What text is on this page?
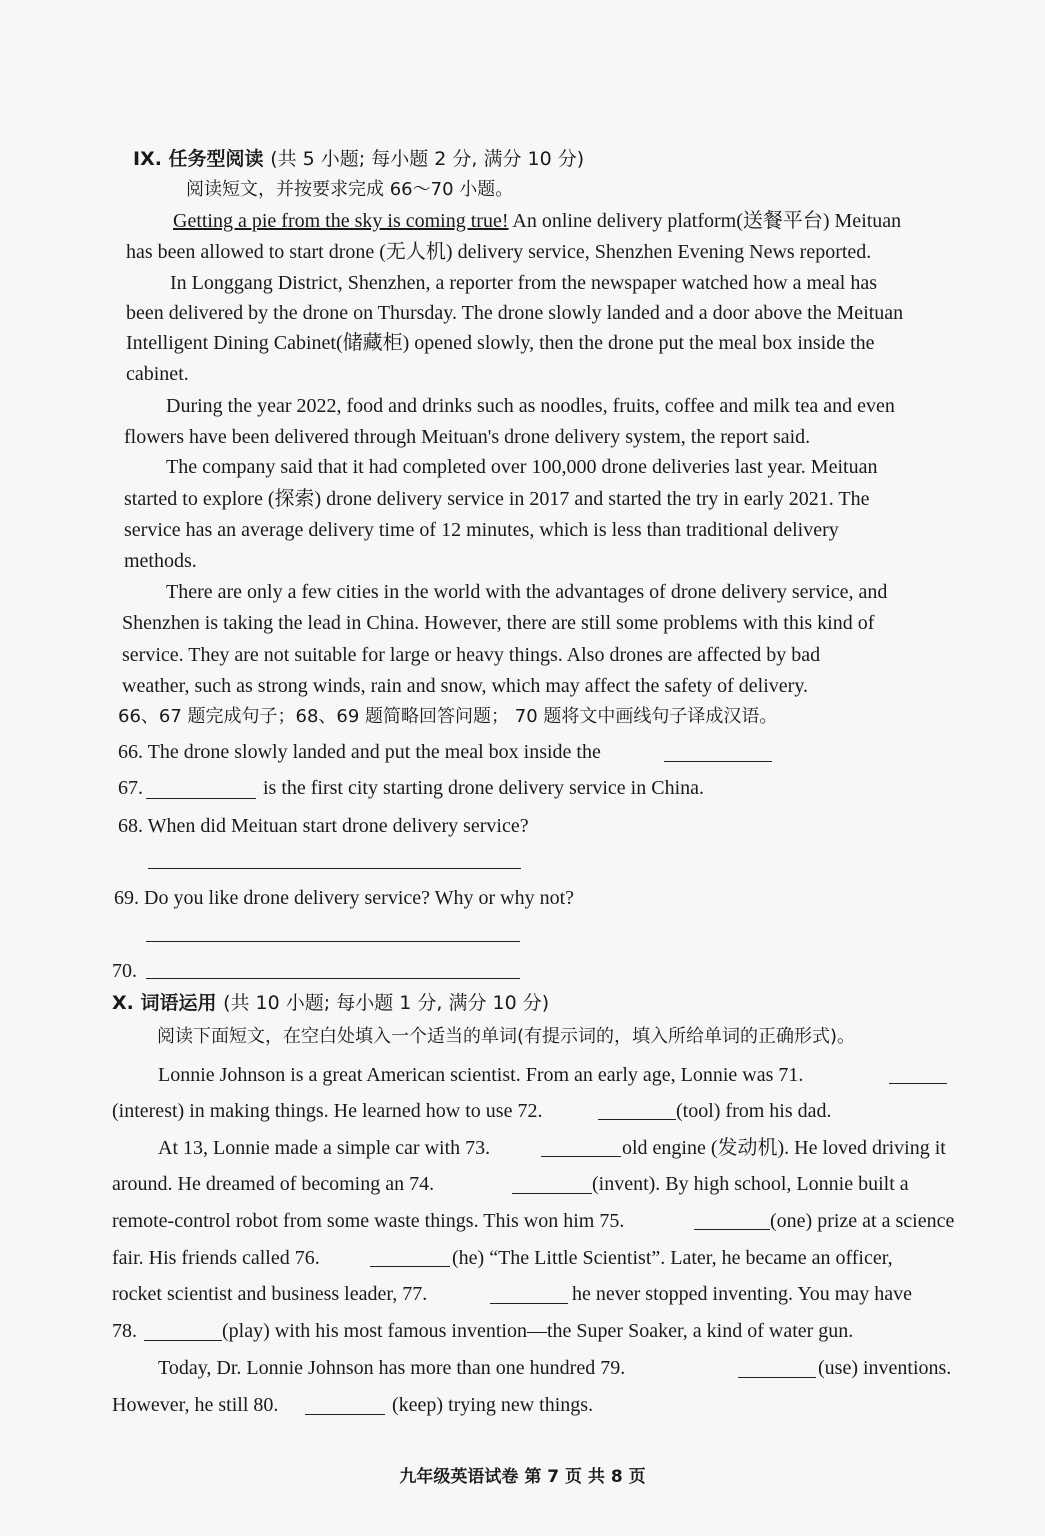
IX. 任务型阅读 (共 5 小题; 每小题 2 分, 满分 10 分)
阅读短文，并按要求完成 66～70 小题。
Getting a pie from the sky is coming true! An online delivery platform(送餐平台) Meituan
has been allowed to start drone (无人机) delivery service, Shenzhen Evening News reported.
In Longgang District, Shenzhen, a reporter from the newspaper watched how a meal has
been delivered by the drone on Thursday. The drone slowly landed and a door above the Meituan
Intelligent Dining Cabinet(储藏柜) opened slowly, then the drone put the meal box inside the
cabinet.
During the year 2022, food and drinks such as noodles, fruits, coffee and milk tea and even
flowers have been delivered through Meituan's drone delivery system, the report said.
The company said that it had completed over 100,000 drone deliveries last year. Meituan
started to explore (探索) drone delivery service in 2017 and started the try in early 2021. The
service has an average delivery time of 12 minutes, which is less than traditional delivery
methods.
There are only a few cities in the world with the advantages of drone delivery service, and
Shenzhen is taking the lead in China. However, there are still some problems with this kind of
service. They are not suitable for large or heavy things. Also drones are affected by bad
weather, such as strong winds, rain and snow, which may affect the safety of delivery.
66、67 题完成句子；68、69 题简略回答问题； 70 题将文中画线句子译成汉语。
66. The drone slowly landed and put the meal box inside the
67.	is the first city starting drone delivery service in China.
68. When did Meituan start drone delivery service?
69. Do you like drone delivery service? Why or why not?
70.
X. 词语运用 (共 10 小题; 每小题 1 分, 满分 10 分)
阅读下面短文，在空白处填入一个适当的单词(有提示词的，填入所给单词的正确形式)。
Lonnie Johnson is a great American scientist. From an early age, Lonnie was 71.
(interest) in making things. He learned how to use 72.	(tool) from his dad.
At 13, Lonnie made a simple car with 73.	old engine (发动机). He loved driving it
around. He dreamed of becoming an 74.	(invent). By high school, Lonnie built a
remote-control robot from some waste things. This won him 75.	(one) prize at a science
fair. His friends called 76.	(he) “The Little Scientist”. Later, he became an officer,
rocket scientist and business leader, 77.	he never stopped inventing. You may have
78.	(play) with his most famous invention—the Super Soaker, a kind of water gun.
Today, Dr. Lonnie Johnson has more than one hundred 79.	(use) inventions.
However, he still 80.	(keep) trying new things.
九年级英语试卷 第 7 页 共 8 页
